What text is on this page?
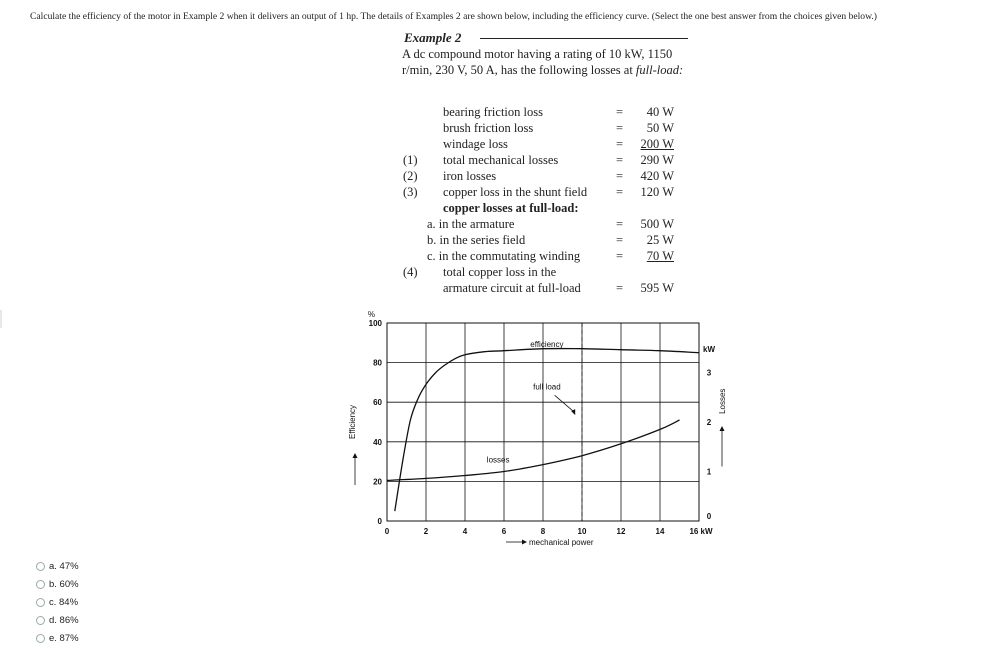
Calculate the efficiency of the motor in Example 2 when it delivers an output of 1 hp. The details of Examples 2 are shown below, including the efficiency curve. (Select the one best answer from the choices given below.)
Example 2
A dc compound motor having a rating of 10 kW, 1150 r/min, 230 V, 50 A, has the following losses at full-load:
bearing friction loss	= 40 W
brush friction loss	= 50 W
windage loss	= 200 W
(1) total mechanical losses	= 290 W
(2) iron losses	= 420 W
(3) copper loss in the shunt field = 120 W
copper losses at full-load:
a. in the armature	= 500 W
b. in the series field	= 25 W
c. in the commutating winding	= 70 W
(4) total copper loss in the
armature circuit at full-load	= 595 W
0	2	4	6	8	10	12	14	16 kW
0
20
40
60
80
100
%
0
1
2
3
kW
Efficiency
Losses
mechanical power
efficiency
full load
losses
a. 47%
b. 60%
c. 84%
d. 86%
e. 87%
